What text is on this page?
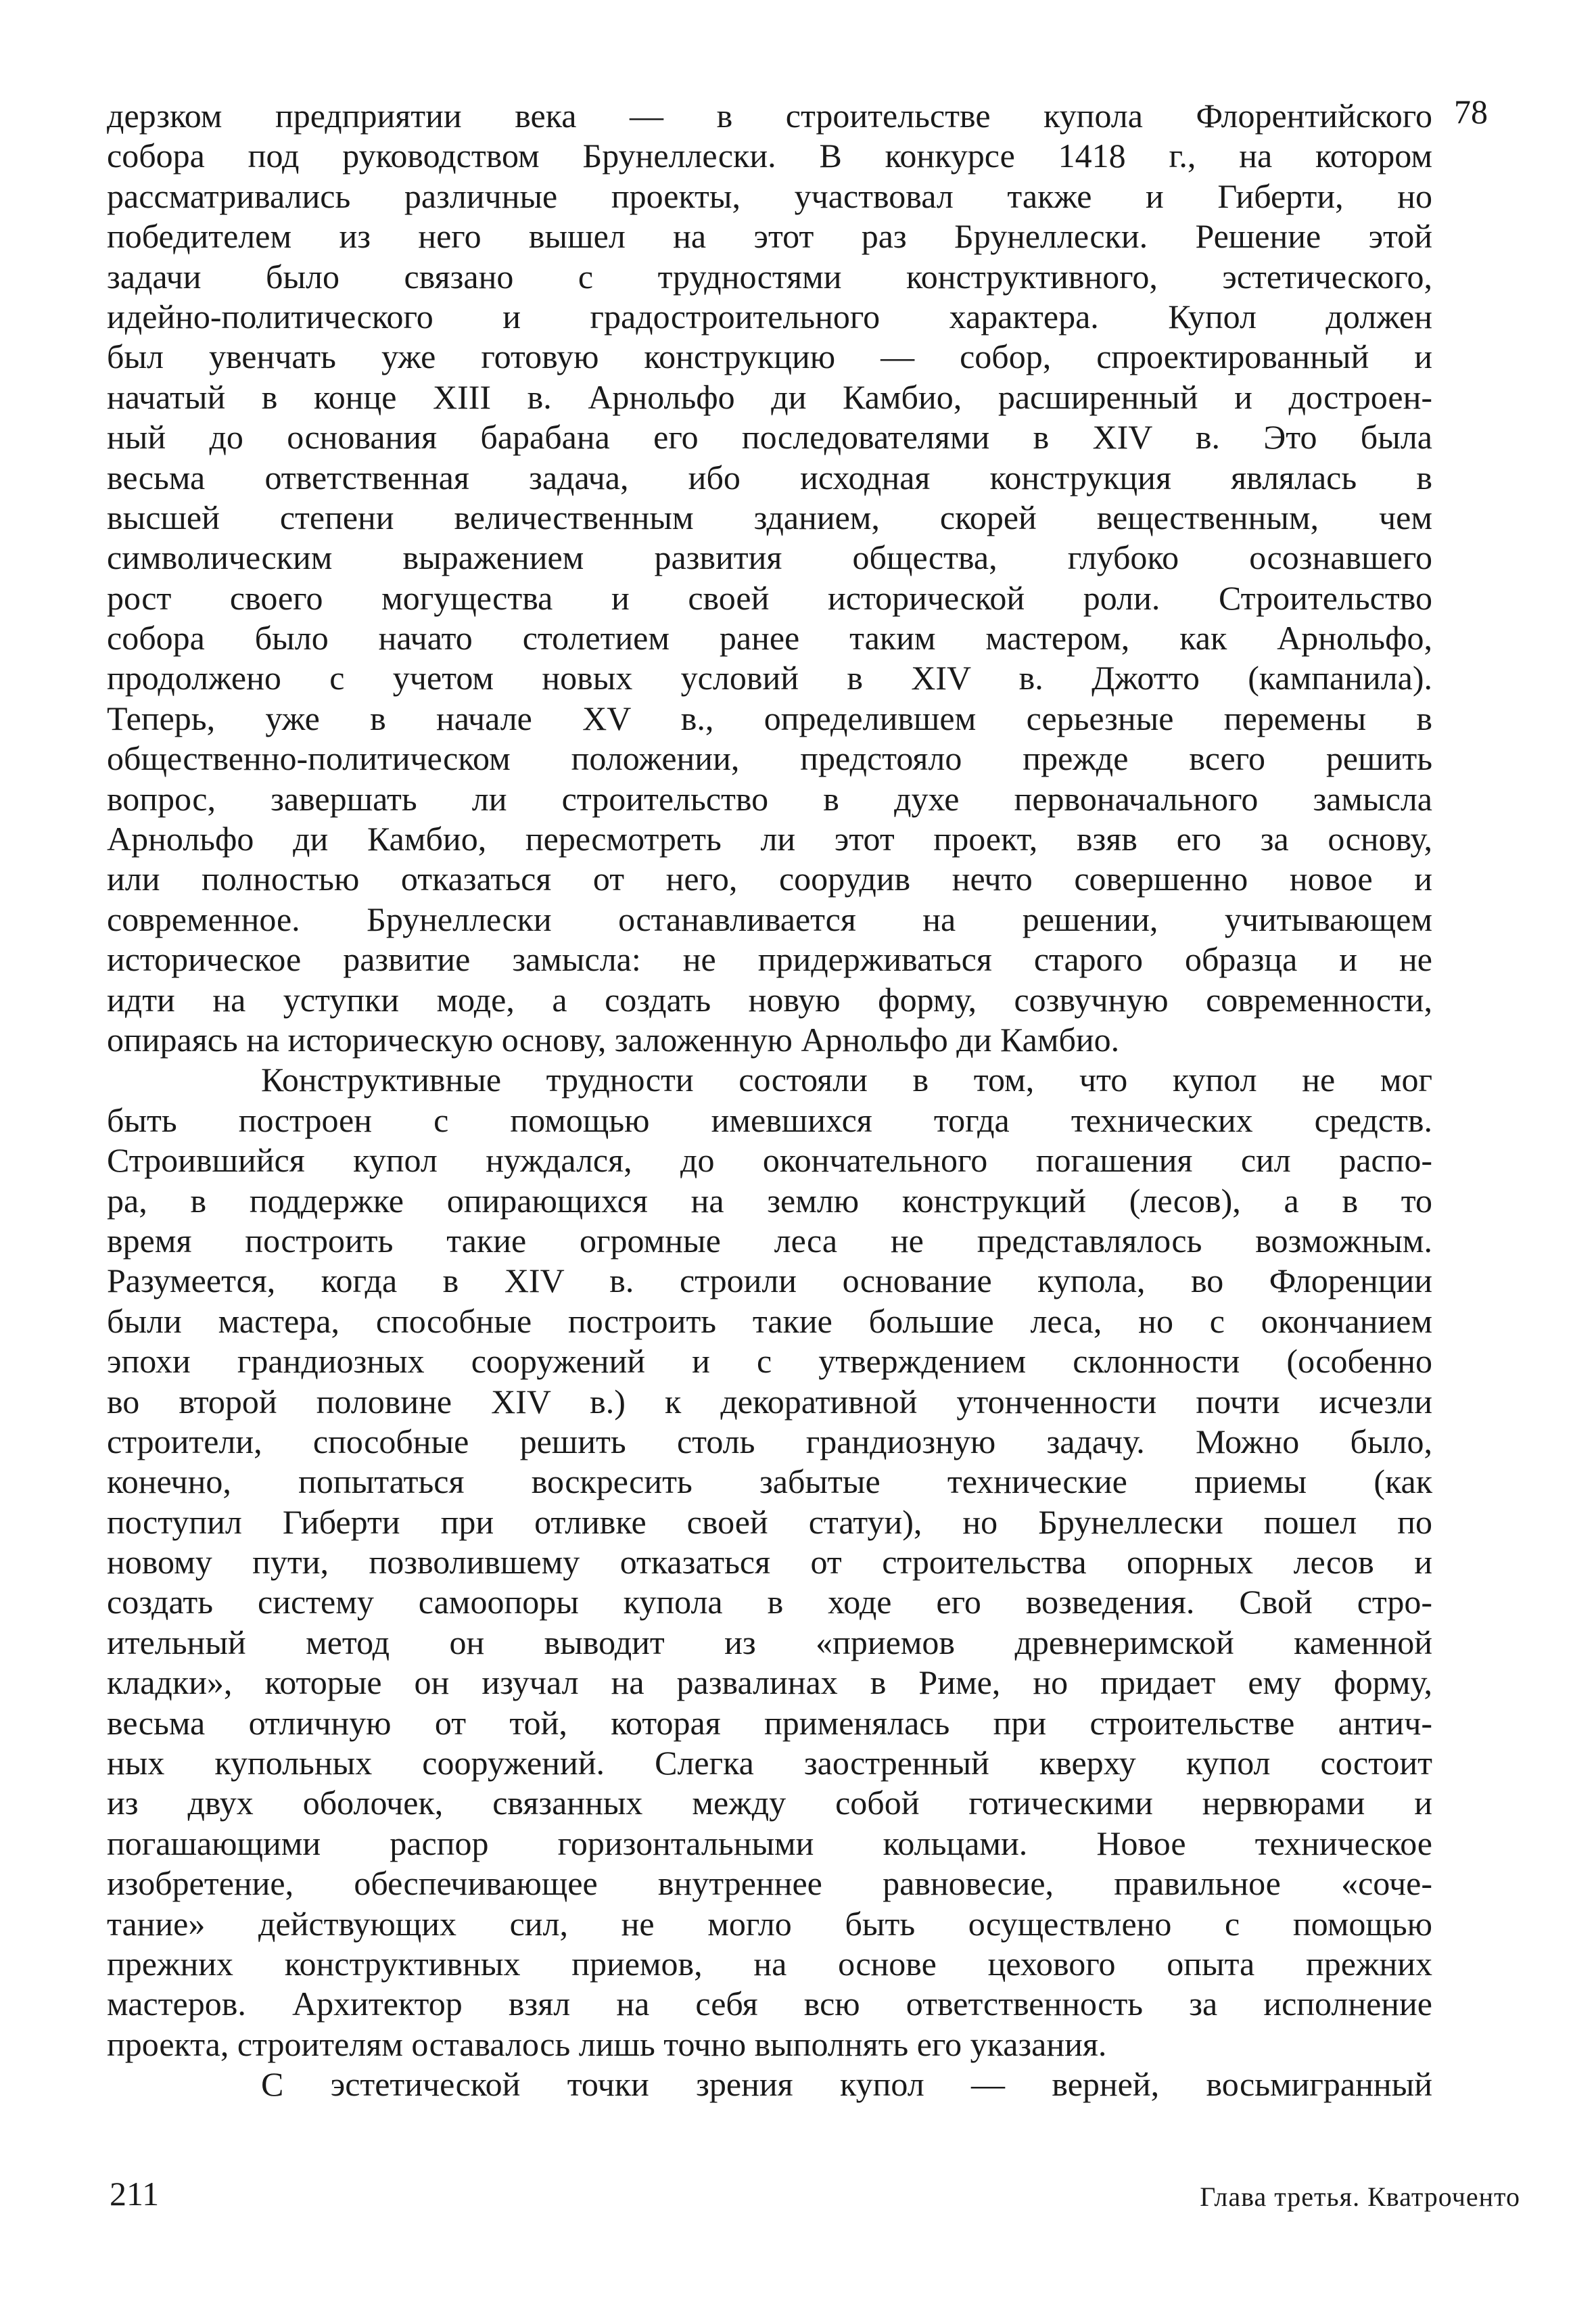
78
дерзком предприятии века — в строительстве купола Флорентийского
собора под руководством Брунеллески. В конкурсе 1418 г., на котором
рассматривались различные проекты, участвовал также и Гиберти, но
победителем из него вышел на этот раз Брунеллески. Решение этой
задачи было связано с трудностями конструктивного, эстетического,
идейно-политического и градостроительного характера. Купол должен
был увенчать уже готовую конструкцию — собор, спроектированный и
начатый в конце XIII в. Арнольфо ди Камбио, расширенный и достроен-
ный до основания барабана его последователями в XIV в. Это была
весьма ответственная задача, ибо исходная конструкция являлась в
высшей степени величественным зданием, скорей вещественным, чем
символическим выражением развития общества, глубоко осознавшего
рост своего могущества и своей исторической роли. Строительство
собора было начато столетием ранее таким мастером, как Арнольфо,
продолжено с учетом новых условий в XIV в. Джотто (кампанила).
Теперь, уже в начале XV в., определившем серьезные перемены в
общественно-политическом положении, предстояло прежде всего решить
вопрос, завершать ли строительство в духе первоначального замысла
Арнольфо ди Камбио, пересмотреть ли этот проект, взяв его за основу,
или полностью отказаться от него, соорудив нечто совершенно новое и
современное. Брунеллески останавливается на решении, учитывающем
историческое развитие замысла: не придерживаться старого образца и не
идти на уступки моде, а создать новую форму, созвучную современности,
опираясь на историческую основу, заложенную Арнольфо ди Камбио.
Конструктивные трудности состояли в том, что купол не мог
быть построен с помощью имевшихся тогда технических средств.
Строившийся купол нуждался, до окончательного погашения сил распо-
ра, в поддержке опирающихся на землю конструкций (лесов), а в то
время построить такие огромные леса не представлялось возможным.
Разумеется, когда в XIV в. строили основание купола, во Флоренции
были мастера, способные построить такие большие леса, но с окончанием
эпохи грандиозных сооружений и с утверждением склонности (особенно
во второй половине XIV в.) к декоративной утонченности почти исчезли
строители, способные решить столь грандиозную задачу. Можно было,
конечно, попытаться воскресить забытые технические приемы (как
поступил Гиберти при отливке своей статуи), но Брунеллески пошел по
новому пути, позволившему отказаться от строительства опорных лесов и
создать систему самоопоры купола в ходе его возведения. Свой стро-
ительный метод он выводит из «приемов древнеримской каменной
кладки», которые он изучал на развалинах в Риме, но придает ему форму,
весьма отличную от той, которая применялась при строительстве антич-
ных купольных сооружений. Слегка заостренный кверху купол состоит
из двух оболочек, связанных между собой готическими нервюрами и
погашающими распор горизонтальными кольцами. Новое техническое
изобретение, обеспечивающее внутреннее равновесие, правильное «соче-
тание» действующих сил, не могло быть осуществлено с помощью
прежних конструктивных приемов, на основе цехового опыта прежних
мастеров. Архитектор взял на себя всю ответственность за исполнение
проекта, строителям оставалось лишь точно выполнять его указания.
С эстетической точки зрения купол — верней, восьмигранный
211	Глава третья. Кватроченто
